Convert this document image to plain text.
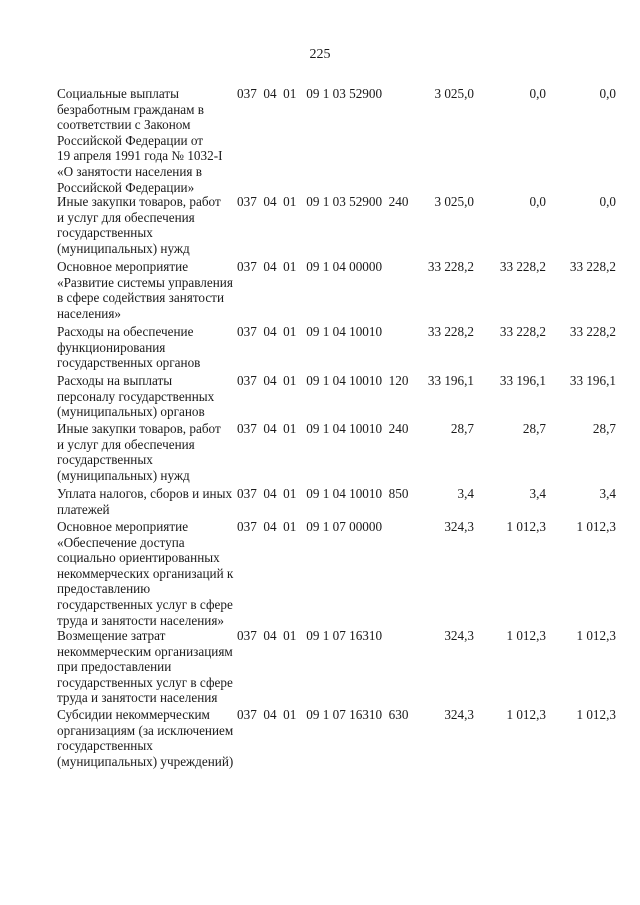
225
Социальные выплаты
безработным гражданам в
соответствии с Законом
Российской Федерации от
19 апреля 1991 года № 1032-I
«О занятости населения в
Российской Федерации»
037  04  01   09 1 03 52900	3 025,0	0,0	0,0
Иные закупки товаров, работ
и услуг для обеспечения
государственных
(муниципальных) нужд
037  04  01   09 1 03 52900  240	3 025,0	0,0	0,0
Основное мероприятие
«Развитие системы управления
в сфере содействия занятости
населения»
037  04  01   09 1 04 00000	33 228,2	33 228,2	33 228,2
Расходы на обеспечение
функционирования
государственных органов
037  04  01   09 1 04 10010	33 228,2	33 228,2	33 228,2
Расходы на выплаты
персоналу государственных
(муниципальных) органов
037  04  01   09 1 04 10010  120	33 196,1	33 196,1	33 196,1
Иные закупки товаров, работ
и услуг для обеспечения
государственных
(муниципальных) нужд
037  04  01   09 1 04 10010  240	28,7	28,7	28,7
Уплата налогов, сборов и иных
платежей
037  04  01   09 1 04 10010  850	3,4	3,4	3,4
Основное мероприятие
«Обеспечение доступа
социально ориентированных
некоммерческих организаций к
предоставлению
государственных услуг в сфере
труда и занятости населения»
037  04  01   09 1 07 00000	324,3	1 012,3	1 012,3
Возмещение затрат
некоммерческим организациям
при предоставлении
государственных услуг в сфере
труда и занятости населения
037  04  01   09 1 07 16310	324,3	1 012,3	1 012,3
Субсидии некоммерческим
организациям (за исключением
государственных
(муниципальных) учреждений)
037  04  01   09 1 07 16310  630	324,3	1 012,3	1 012,3
